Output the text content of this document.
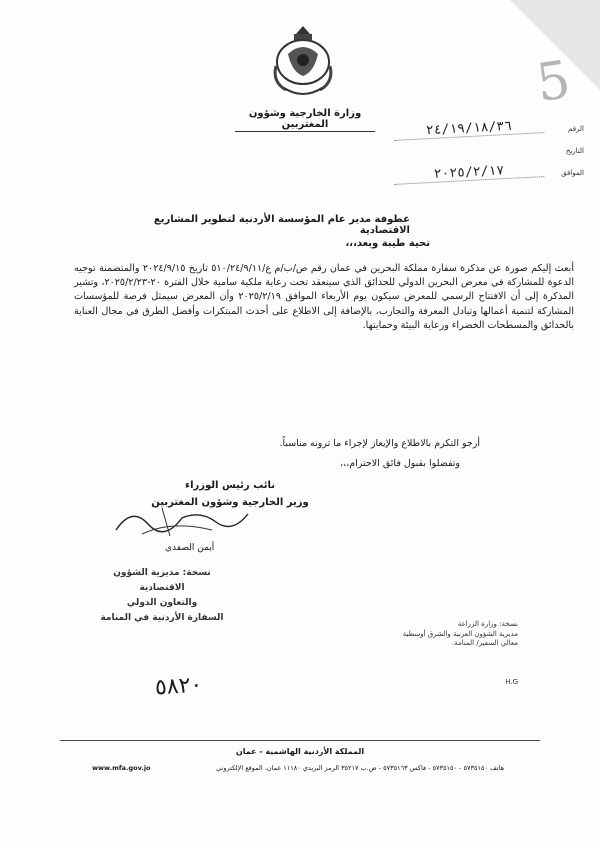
وزارة الخارجية وشؤون المغتربين
5
الرقم
٢٤/١٩/١٨/٣٦
التاريخ
الموافق
٢٠٢٥/٢/١٧
عطوفة مدير عام المؤسسة الأردنية لتطوير المشاريع الاقتصادية
تحية طيبة وبعد،،،
أبعث إليكم صورة عن مذكرة سفارة مملكة البحرين في عمان رقم ص/ب/م ع/٥١٠/٢٤/٩/١١ تاريخ ٢٠٢٤/٩/١٥ والمتضمنة توجيه الدعوة للمشاركة في معرض البحرين الدولي للحدائق الذي سينعقد تحت رعاية ملكية سامية خلال الفترة ٢٠-٢٠٢٥/٢/٢٣، وتشير المذكرة إلى أن الافتتاح الرسمي للمعرض سيكون يوم الأربعاء الموافق ٢٠٢٥/٢/١٩ وأن المعرض سيمثل فرصة للمؤسسات المشاركة لتنمية أعمالها وتبادل المعرفة والتجارب، بالإضافة إلى الاطلاع على أحدث المبتكرات وأفضل الطرق في مجال العناية بالحدائق والمسطحات الخضراء ورعاية البيئة وحمايتها.
أرجو التكرم بالاطلاع والإيعاز لإجراء ما ترونه مناسباً.
وتفضلوا بقبول فائق الاحترام،،،
نائب رئيس الوزراء
وزير الخارجية وشؤون المغتربين
أيمن الصفدي
نسخة: مديرية الشؤون الاقتصادية
والتعاون الدولي
السفارة الأردنية في المنامة
نسخة: وزارة الزراعة
مديرية الشؤون العربية والشرق أوسطية
معالي السفير/ المنامة.
٥٨٢٠	H.G
المملكة الأردنية الهاشمية - عمان
هاتف ٥٧٣٥١٥٠ - ٥٧٣٥١٥٠ - فاكس ٥٧٣٥١٦٣ - ص.ب ٣٥٢١٧ الرمز البريدي ١١١٨٠ عمان، الموقع الإلكتروني
www.mfa.gov.jo
